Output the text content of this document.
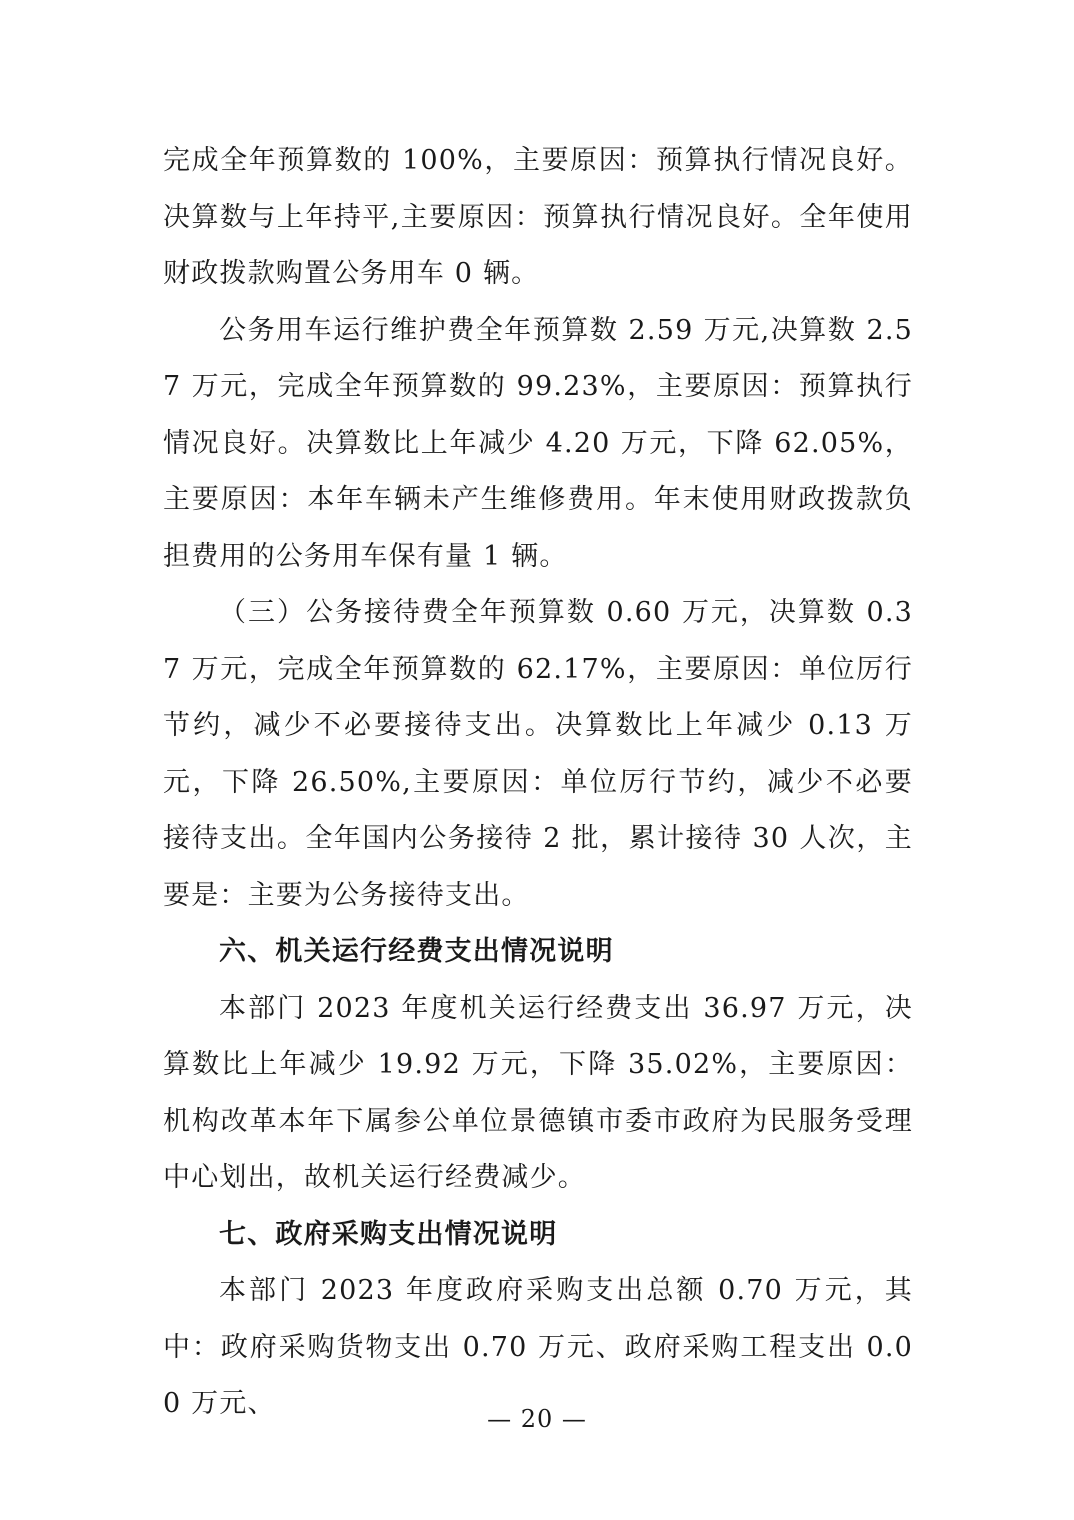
完成全年预算数的 100%，主要原因：预算执行情况良好。决算数与上年持平,主要原因：预算执行情况良好。全年使用财政拨款购置公务用车 0 辆。

公务用车运行维护费全年预算数 2.59 万元,决算数 2.57 万元，完成全年预算数的 99.23%，主要原因：预算执行情况良好。决算数比上年减少 4.20 万元，下降 62.05%，主要原因：本年车辆未产生维修费用。年末使用财政拨款负担费用的公务用车保有量 1 辆。

（三）公务接待费全年预算数 0.60 万元，决算数 0.37 万元，完成全年预算数的 62.17%，主要原因：单位厉行节约，减少不必要接待支出。决算数比上年减少 0.13 万元，下降 26.50%,主要原因：单位厉行节约，减少不必要接待支出。全年国内公务接待 2 批，累计接待 30 人次，主要是：主要为公务接待支出。

六、机关运行经费支出情况说明

本部门 2023 年度机关运行经费支出 36.97 万元，决算数比上年减少 19.92 万元，下降 35.02%，主要原因：机构改革本年下属参公单位景德镇市委市政府为民服务受理中心划出，故机关运行经费减少。

七、政府采购支出情况说明

本部门 2023 年度政府采购支出总额 0.70 万元，其中：政府采购货物支出 0.70 万元、政府采购工程支出 0.00 万元、	— 20 —
